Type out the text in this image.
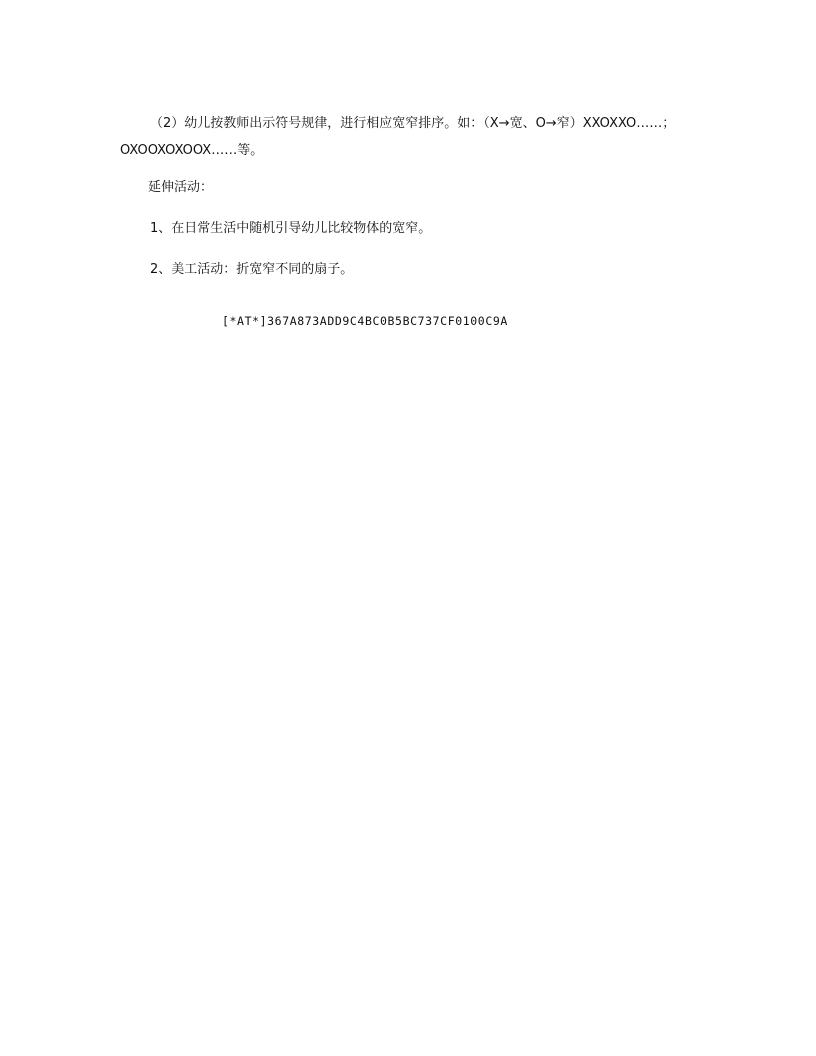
（2）幼儿按教师出示符号规律，进行相应宽窄排序。如：（X→宽、O→窄）XXOXXO……；
OXOOXOXOOX……等。
延伸活动：
1、在日常生活中随机引导幼儿比较物体的宽窄。
2、美工活动：折宽窄不同的扇子。
[*AT*]367A873ADD9C4BC0B5BC737CF0100C9A
